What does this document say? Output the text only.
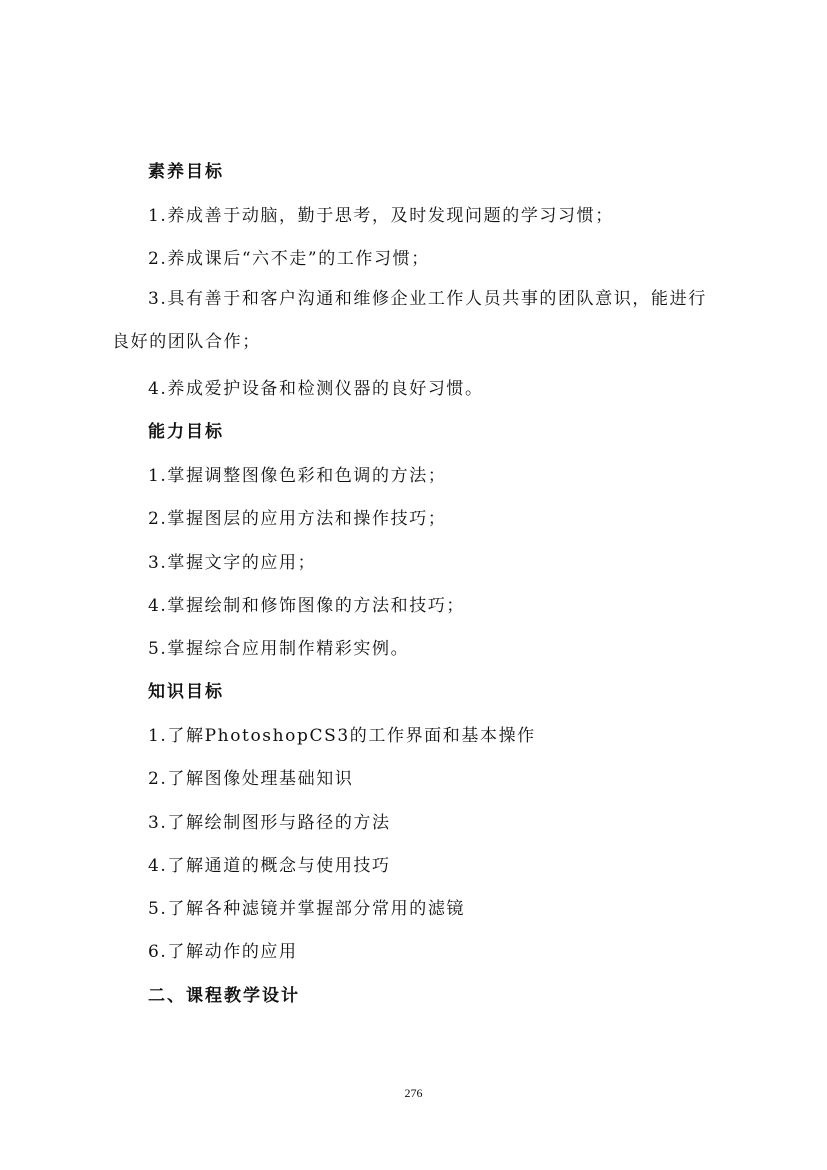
素养目标
1.养成善于动脑，勤于思考，及时发现问题的学习习惯；
2.养成课后“六不走”的工作习惯；
3.具有善于和客户沟通和维修企业工作人员共事的团队意识，能进行良好的团队合作；
4.养成爱护设备和检测仪器的良好习惯。
能力目标
1.掌握调整图像色彩和色调的方法；
2.掌握图层的应用方法和操作技巧；
3.掌握文字的应用；
4.掌握绘制和修饰图像的方法和技巧；
5.掌握综合应用制作精彩实例。
知识目标
1.了解PhotoshopCS3的工作界面和基本操作
2.了解图像处理基础知识
3.了解绘制图形与路径的方法
4.了解通道的概念与使用技巧
5.了解各种滤镜并掌握部分常用的滤镜
6.了解动作的应用
二、课程教学设计
276
